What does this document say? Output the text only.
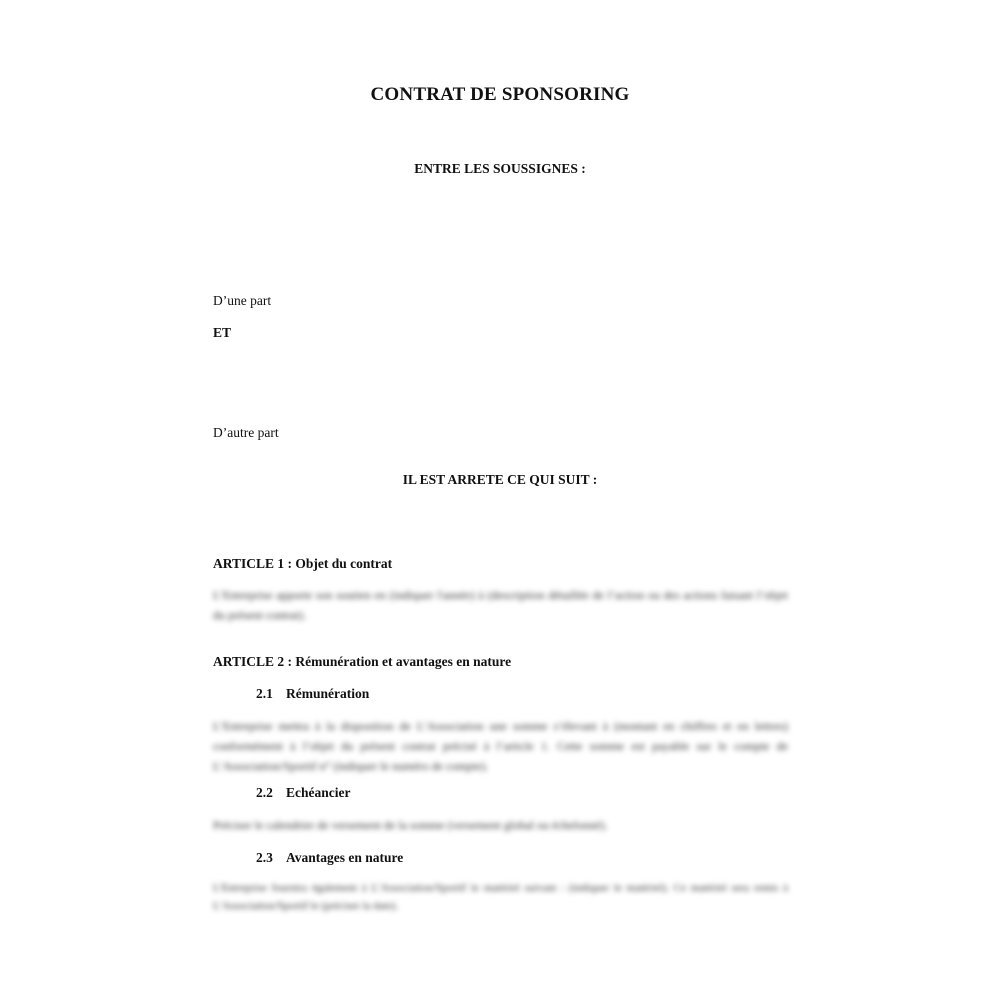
CONTRAT DE SPONSORING
ENTRE LES SOUSSIGNES :
D’une part
ET
D’autre part
IL EST ARRETE CE QUI SUIT :
ARTICLE 1 : Objet du contrat
L’Entreprise apporte son soutien en (indiquer l'année) à (description détaillée de l’action ou des actions faisant l’objet du présent contrat).
ARTICLE 2 : Rémunération et avantages en nature
2.1 Rémunération
L’Entreprise mettra à la disposition de L’Association une somme s’élevant à (montant en chiffres et en lettres) conformément à l’objet du présent contrat précisé à l’article 1. Cette somme est payable sur le compte de L’Association/Sportif n° (indiquer le numéro de compte).
2.2 Echéancier
Préciser le calendrier de versement de la somme (versement global ou échelonné).
2.3 Avantages en nature
L'Entreprise fournira également à L’Association/Sportif le matériel suivant : (indiquer le matériel). Ce matériel sera remis à L’Association/Sportif le (préciser la date).
